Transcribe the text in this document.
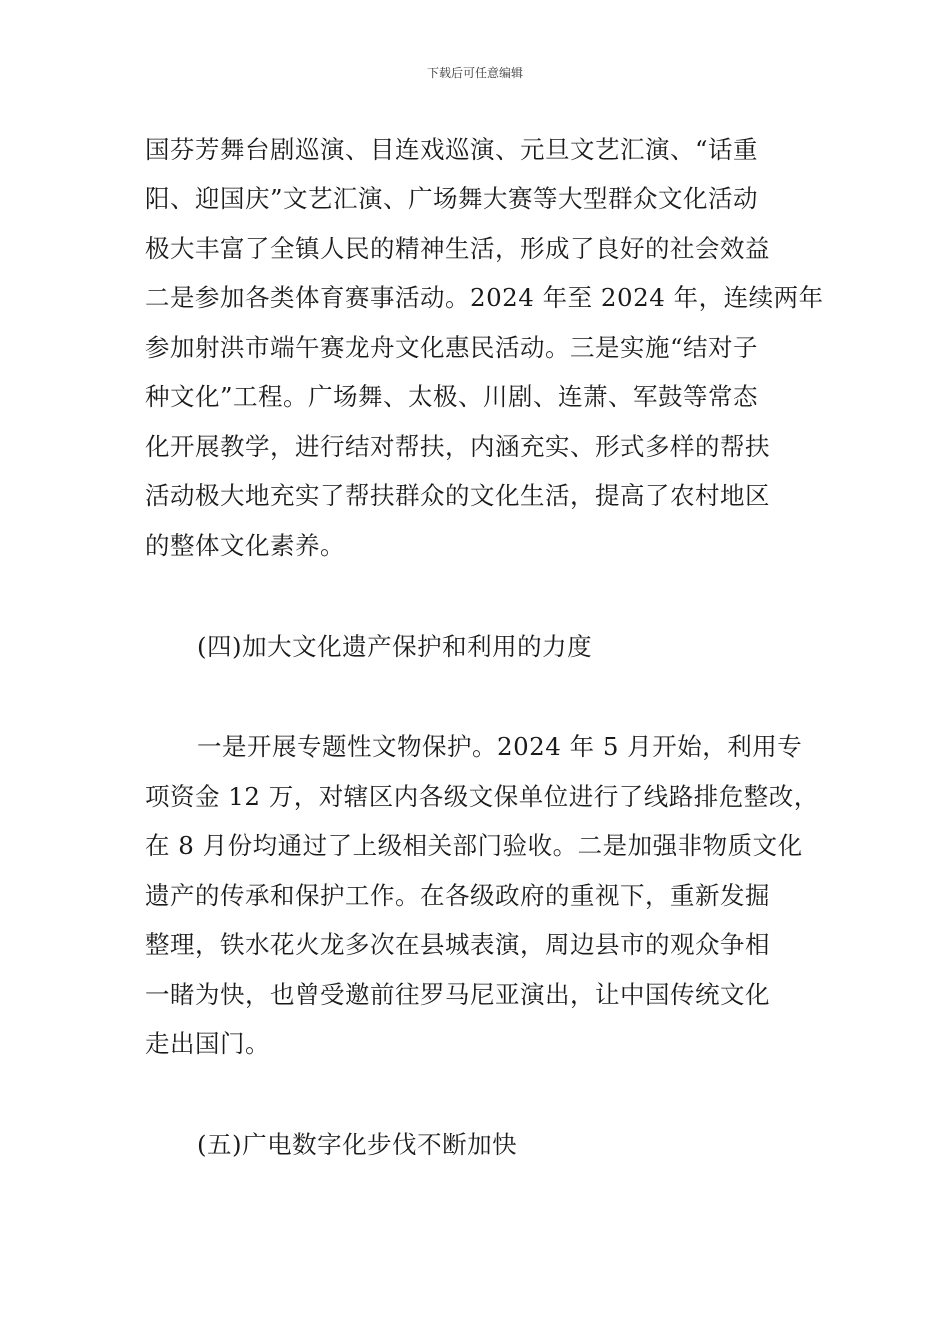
下载后可任意编辑
国芬芳舞台剧巡演、目连戏巡演、元旦文艺汇演、“话重
阳、迎国庆”文艺汇演、广场舞大赛等大型群众文化活动
极大丰富了全镇人民的精神生活，形成了良好的社会效益
二是参加各类体育赛事活动。2024 年至 2024 年，连续两年
参加射洪市端午赛龙舟文化惠民活动。三是实施“结对子
种文化”工程。广场舞、太极、川剧、连萧、军鼓等常态
化开展教学，进行结对帮扶，内涵充实、形式多样的帮扶
活动极大地充实了帮扶群众的文化生活，提高了农村地区
的整体文化素养。
(四)加大文化遗产保护和利用的力度
一是开展专题性文物保护。2024 年 5 月开始，利用专
项资金 12 万，对辖区内各级文保单位进行了线路排危整改，
在 8 月份均通过了上级相关部门验收。二是加强非物质文化
遗产的传承和保护工作。在各级政府的重视下，重新发掘
整理，铁水花火龙多次在县城表演，周边县市的观众争相
一睹为快，也曾受邀前往罗马尼亚演出，让中国传统文化
走出国门。
(五)广电数字化步伐不断加快
